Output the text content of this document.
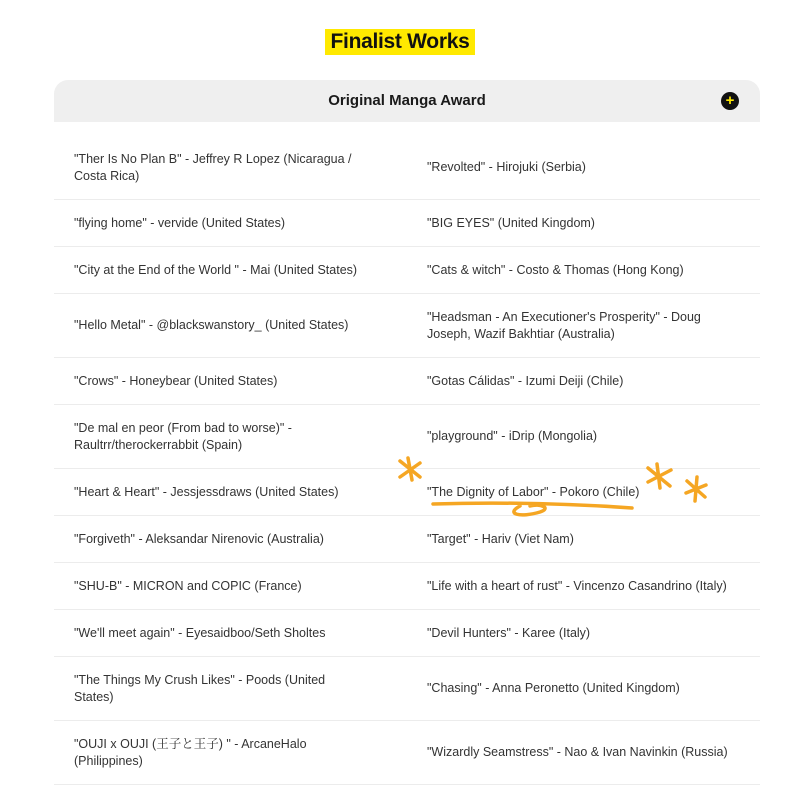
Finalist Works
Original Manga Award	+
"Ther Is No Plan B" - Jeffrey R Lopez (Nicaragua / Costa Rica)	"Revolted" - Hirojuki (Serbia)
"flying home" - vervide (United States)	"BIG EYES" (United Kingdom)
"City at the End of the World " - Mai (United States)	"Cats & witch" - Costo & Thomas (Hong Kong)
"Hello Metal" - @blackswanstory_ (United States)	"Headsman - An Executioner's Prosperity" - Doug Joseph, Wazif Bakhtiar (Australia)
"Crows" - Honeybear (United States)	"Gotas Cálidas" - Izumi Deiji (Chile)
"De mal en peor (From bad to worse)" - Raultrr/therockerrabbit (Spain)	"playground" - iDrip (Mongolia)
"Heart & Heart" - Jessjessdraws (United States)	"The Dignity of Labor" - Pokoro (Chile)
"Forgiveth" - Aleksandar Nirenovic (Australia)	"Target" - Hariv (Viet Nam)
"SHU-B" - MICRON and COPIC (France)	"Life with a heart of rust" - Vincenzo Casandrino (Italy)
"We'll meet again" - Eyesaidboo/Seth Sholtes	"Devil Hunters" - Karee (Italy)
"The Things My Crush Likes" - Poods (United States)	"Chasing" - Anna Peronetto (United Kingdom)
"OUJI x OUJI (王子と王子) " - ArcaneHalo (Philippines)	"Wizardly Seamstress" - Nao & Ivan Navinkin (Russia)
